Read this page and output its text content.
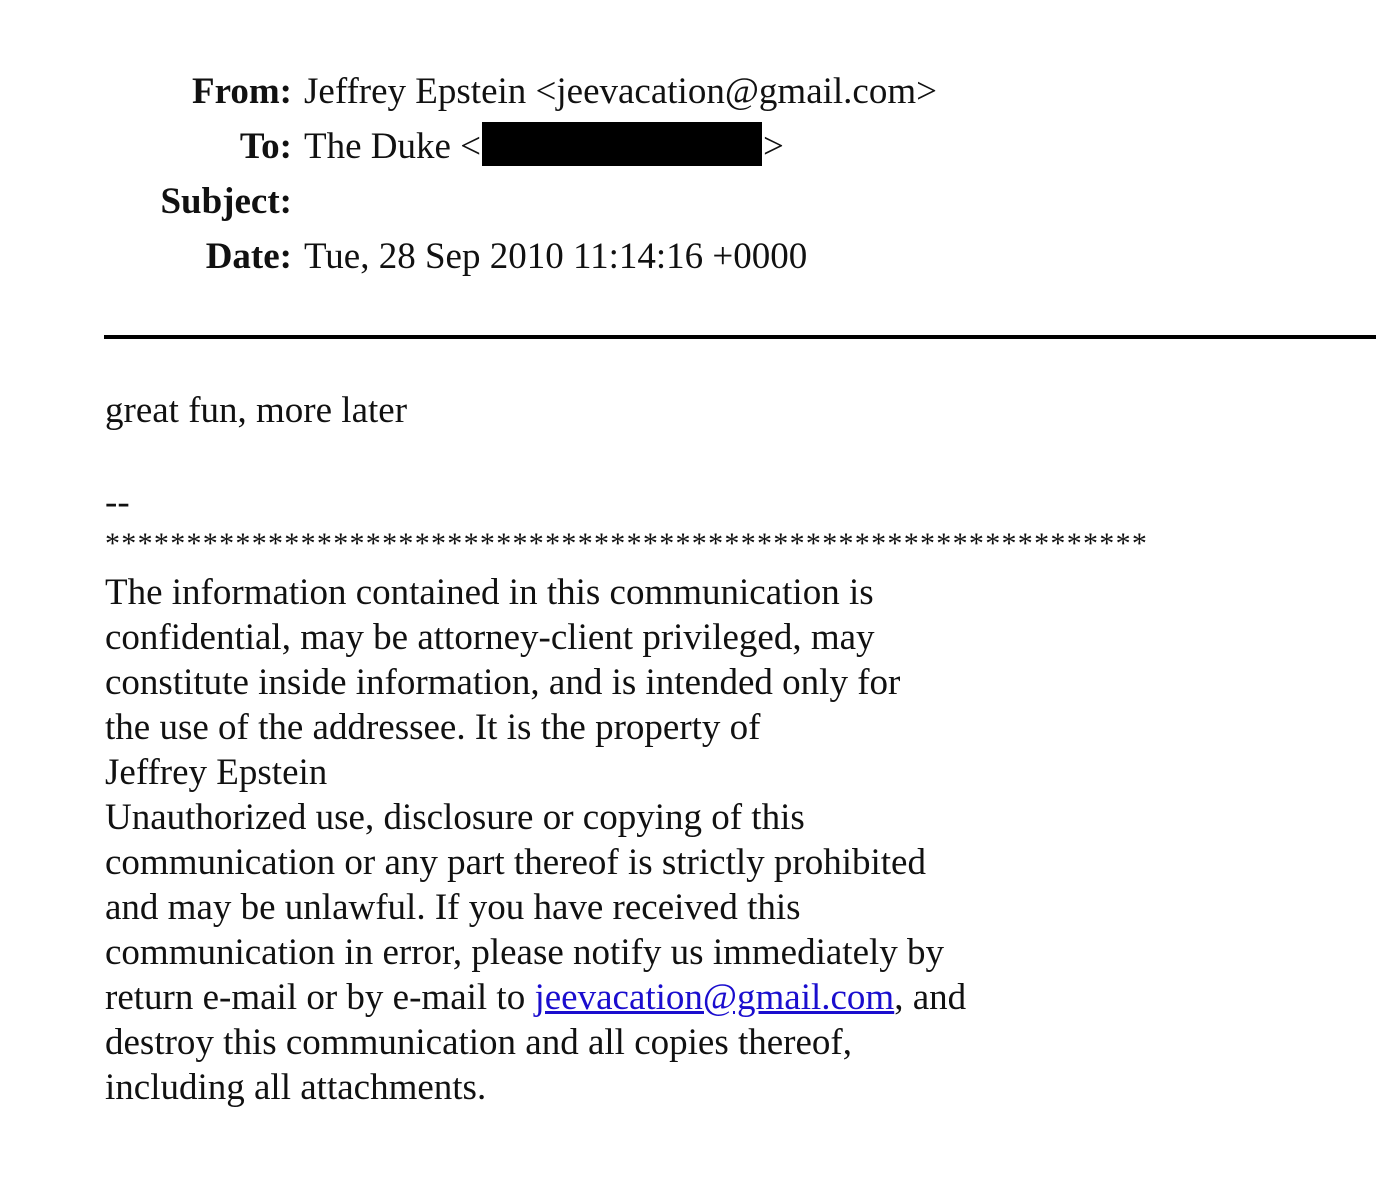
From: Jeffrey Epstein <jeevacation@gmail.com>
To: The Duke <	>
Subject:
Date: Tue, 28 Sep 2010 11:14:16 +0000
great fun, more later
--
****************************************************************
The information contained in this communication is
confidential, may be attorney-client privileged, may
constitute inside information, and is intended only for
the use of the addressee. It is the property of
Jeffrey Epstein
Unauthorized use, disclosure or copying of this
communication or any part thereof is strictly prohibited
and may be unlawful. If you have received this
communication in error, please notify us immediately by
return e-mail or by e-mail to jeevacation@gmail.com, and
destroy this communication and all copies thereof,
including all attachments.
